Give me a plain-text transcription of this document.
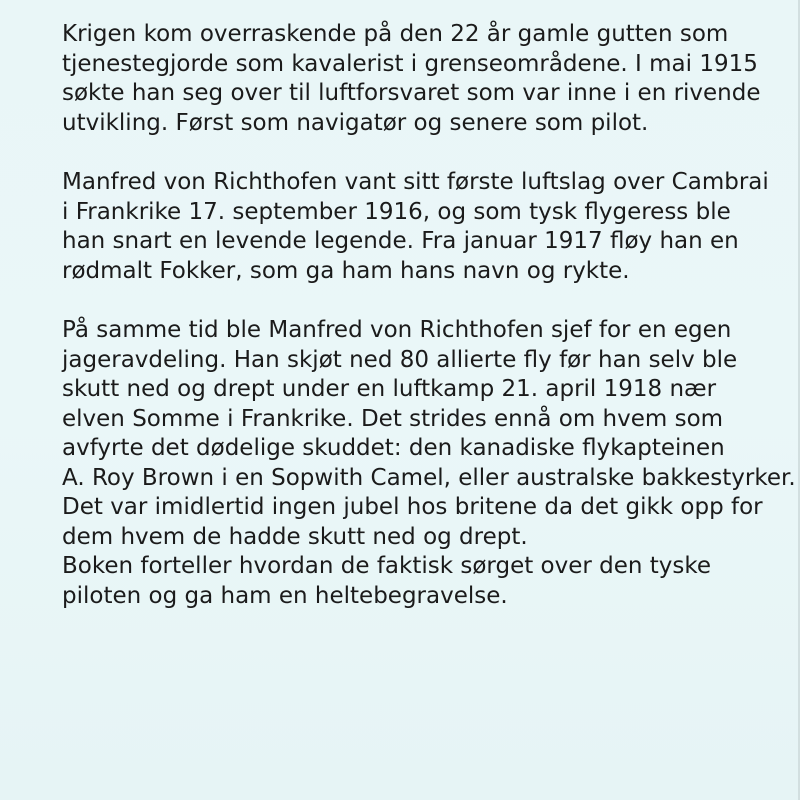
Krigen kom overraskende på den 22 år gamle gutten som
tjenestegjorde som kavalerist i grenseområdene. I mai 1915
søkte han seg over til luftforsvaret som var inne i en rivende
utvikling. Først som navigatør og senere som pilot.

Manfred von Richthofen vant sitt første luftslag over Cambrai
i Frankrike 17. september 1916, og som tysk flygeress ble
han snart en levende legende. Fra januar 1917 fløy han en
rødmalt Fokker, som ga ham hans navn og rykte.

På samme tid ble Manfred von Richthofen sjef for en egen
jageravdeling. Han skjøt ned 80 allierte fly før han selv ble
skutt ned og drept under en luftkamp 21. april 1918 nær
elven Somme i Frankrike. Det strides ennå om hvem som
avfyrte det dødelige skuddet: den kanadiske flykapteinen
A. Roy Brown i en Sopwith Camel, eller australske bakkestyrker.
Det var imidlertid ingen jubel hos britene da det gikk opp for
dem hvem de hadde skutt ned og drept.

Boken forteller hvordan de faktisk sørget over den tyske
piloten og ga ham en heltebegravelse.
